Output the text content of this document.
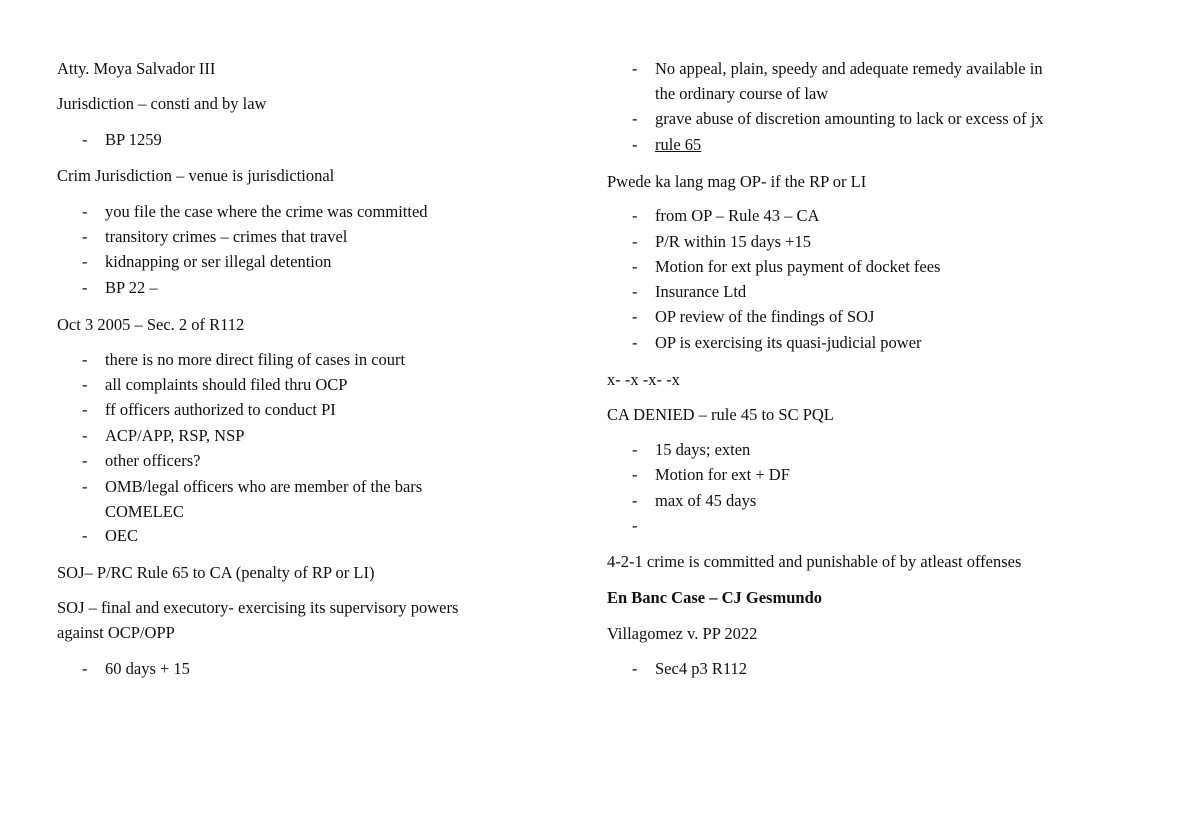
Atty. Moya Salvador III
Jurisdiction – consti and by law
- BP 1259
Crim Jurisdiction – venue is jurisdictional
- you file the case where the crime was committed
- transitory crimes – crimes that travel
- kidnapping or ser illegal detention
- BP 22 –
Oct 3 2005 – Sec. 2 of R112
- there is no more direct filing of cases in court
- all complaints should filed thru OCP
- ff officers authorized to conduct PI
- ACP/APP, RSP, NSP
- other officers?
- OMB/legal officers who are member of the bars
COMELEC
- OEC
SOJ– P/RC Rule 65 to CA (penalty of RP or LI)
SOJ – final and executory- exercising its supervisory powers
against OCP/OPP
- 60 days + 15
- No appeal, plain, speedy and adequate remedy available in
the ordinary course of law
- grave abuse of discretion amounting to lack or excess of jx
- rule 65
Pwede ka lang mag OP- if the RP or LI
- from OP – Rule 43 – CA
- P/R within 15 days +15
- Motion for ext plus payment of docket fees
- Insurance Ltd
- OP review of the findings of SOJ
- OP is exercising its quasi-judicial power
x- -x -x- -x
CA DENIED – rule 45 to SC PQL
- 15 days; exten
- Motion for ext + DF
- max of 45 days
-
4-2-1 crime is committed and punishable of by atleast offenses
En Banc Case – CJ Gesmundo
Villagomez v. PP 2022
- Sec4 p3 R112
